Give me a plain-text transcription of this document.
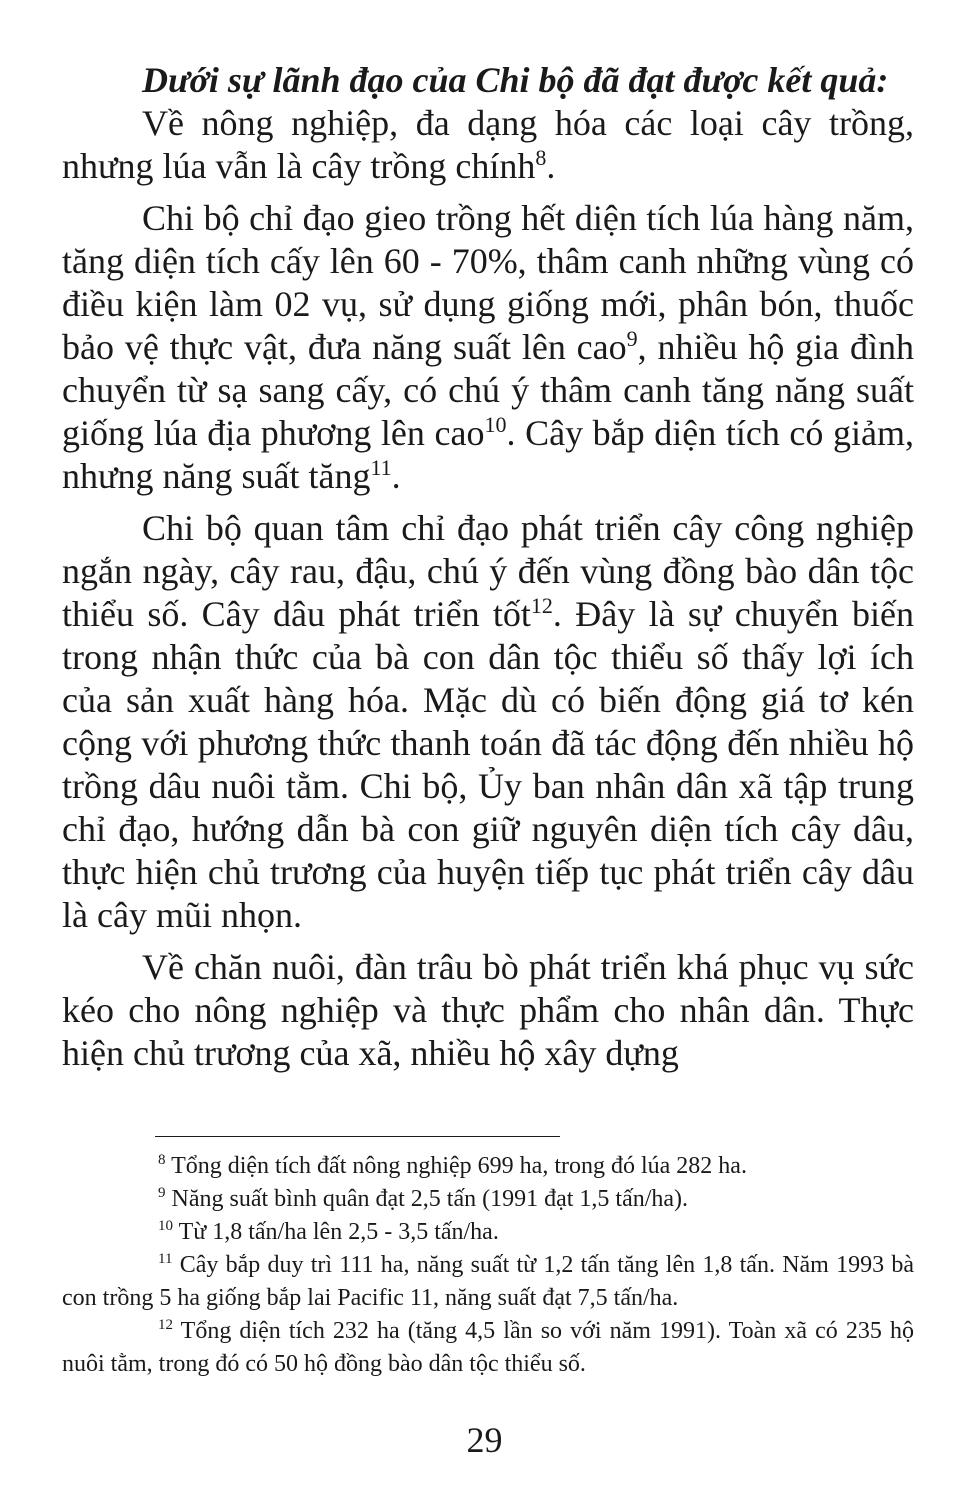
Dưới sự lãnh đạo của Chi bộ đã đạt được kết quả:

Về nông nghiệp, đa dạng hóa các loại cây trồng, nhưng lúa vẫn là cây trồng chính$^8$.

Chi bộ chỉ đạo gieo trồng hết diện tích lúa hàng năm, tăng diện tích cấy lên 60 - 70%, thâm canh những vùng có điều kiện làm 02 vụ, sử dụng giống mới, phân bón, thuốc bảo vệ thực vật, đưa năng suất lên cao$^9$, nhiều hộ gia đình chuyển từ sạ sang cấy, có chú ý thâm canh tăng năng suất giống lúa địa phương lên cao$^{10}$. Cây bắp diện tích có giảm, nhưng năng suất tăng$^{11}$.

Chi bộ quan tâm chỉ đạo phát triển cây công nghiệp ngắn ngày, cây rau, đậu, chú ý đến vùng đồng bào dân tộc thiểu số. Cây dâu phát triển tốt$^{12}$. Đây là sự chuyển biến trong nhận thức của bà con dân tộc thiểu số thấy lợi ích của sản xuất hàng hóa. Mặc dù có biến động giá tơ kén cộng với phương thức thanh toán đã tác động đến nhiều hộ trồng dâu nuôi tằm. Chi bộ, Ủy ban nhân dân xã tập trung chỉ đạo, hướng dẫn bà con giữ nguyên diện tích cây dâu, thực hiện chủ trương của huyện tiếp tục phát triển cây dâu là cây mũi nhọn.

Về chăn nuôi, đàn trâu bò phát triển khá phục vụ sức kéo cho nông nghiệp và thực phẩm cho nhân dân. Thực hiện chủ trương của xã, nhiều hộ xây dựng

$^8$ Tổng diện tích đất nông nghiệp 699 ha, trong đó lúa 282 ha.

$^9$ Năng suất bình quân đạt 2,5 tấn (1991 đạt 1,5 tấn/ha).

$^{10}$ Từ 1,8 tấn/ha lên 2,5 - 3,5 tấn/ha.

$^{11}$ Cây bắp duy trì 111 ha, năng suất từ 1,2 tấn tăng lên 1,8 tấn. Năm 1993 bà con trồng 5 ha giống bắp lai Pacific 11, năng suất đạt 7,5 tấn/ha.

$^{12}$ Tổng diện tích 232 ha (tăng 4,5 lần so với năm 1991). Toàn xã có 235 hộ nuôi tằm, trong đó có 50 hộ đồng bào dân tộc thiểu số.

29
